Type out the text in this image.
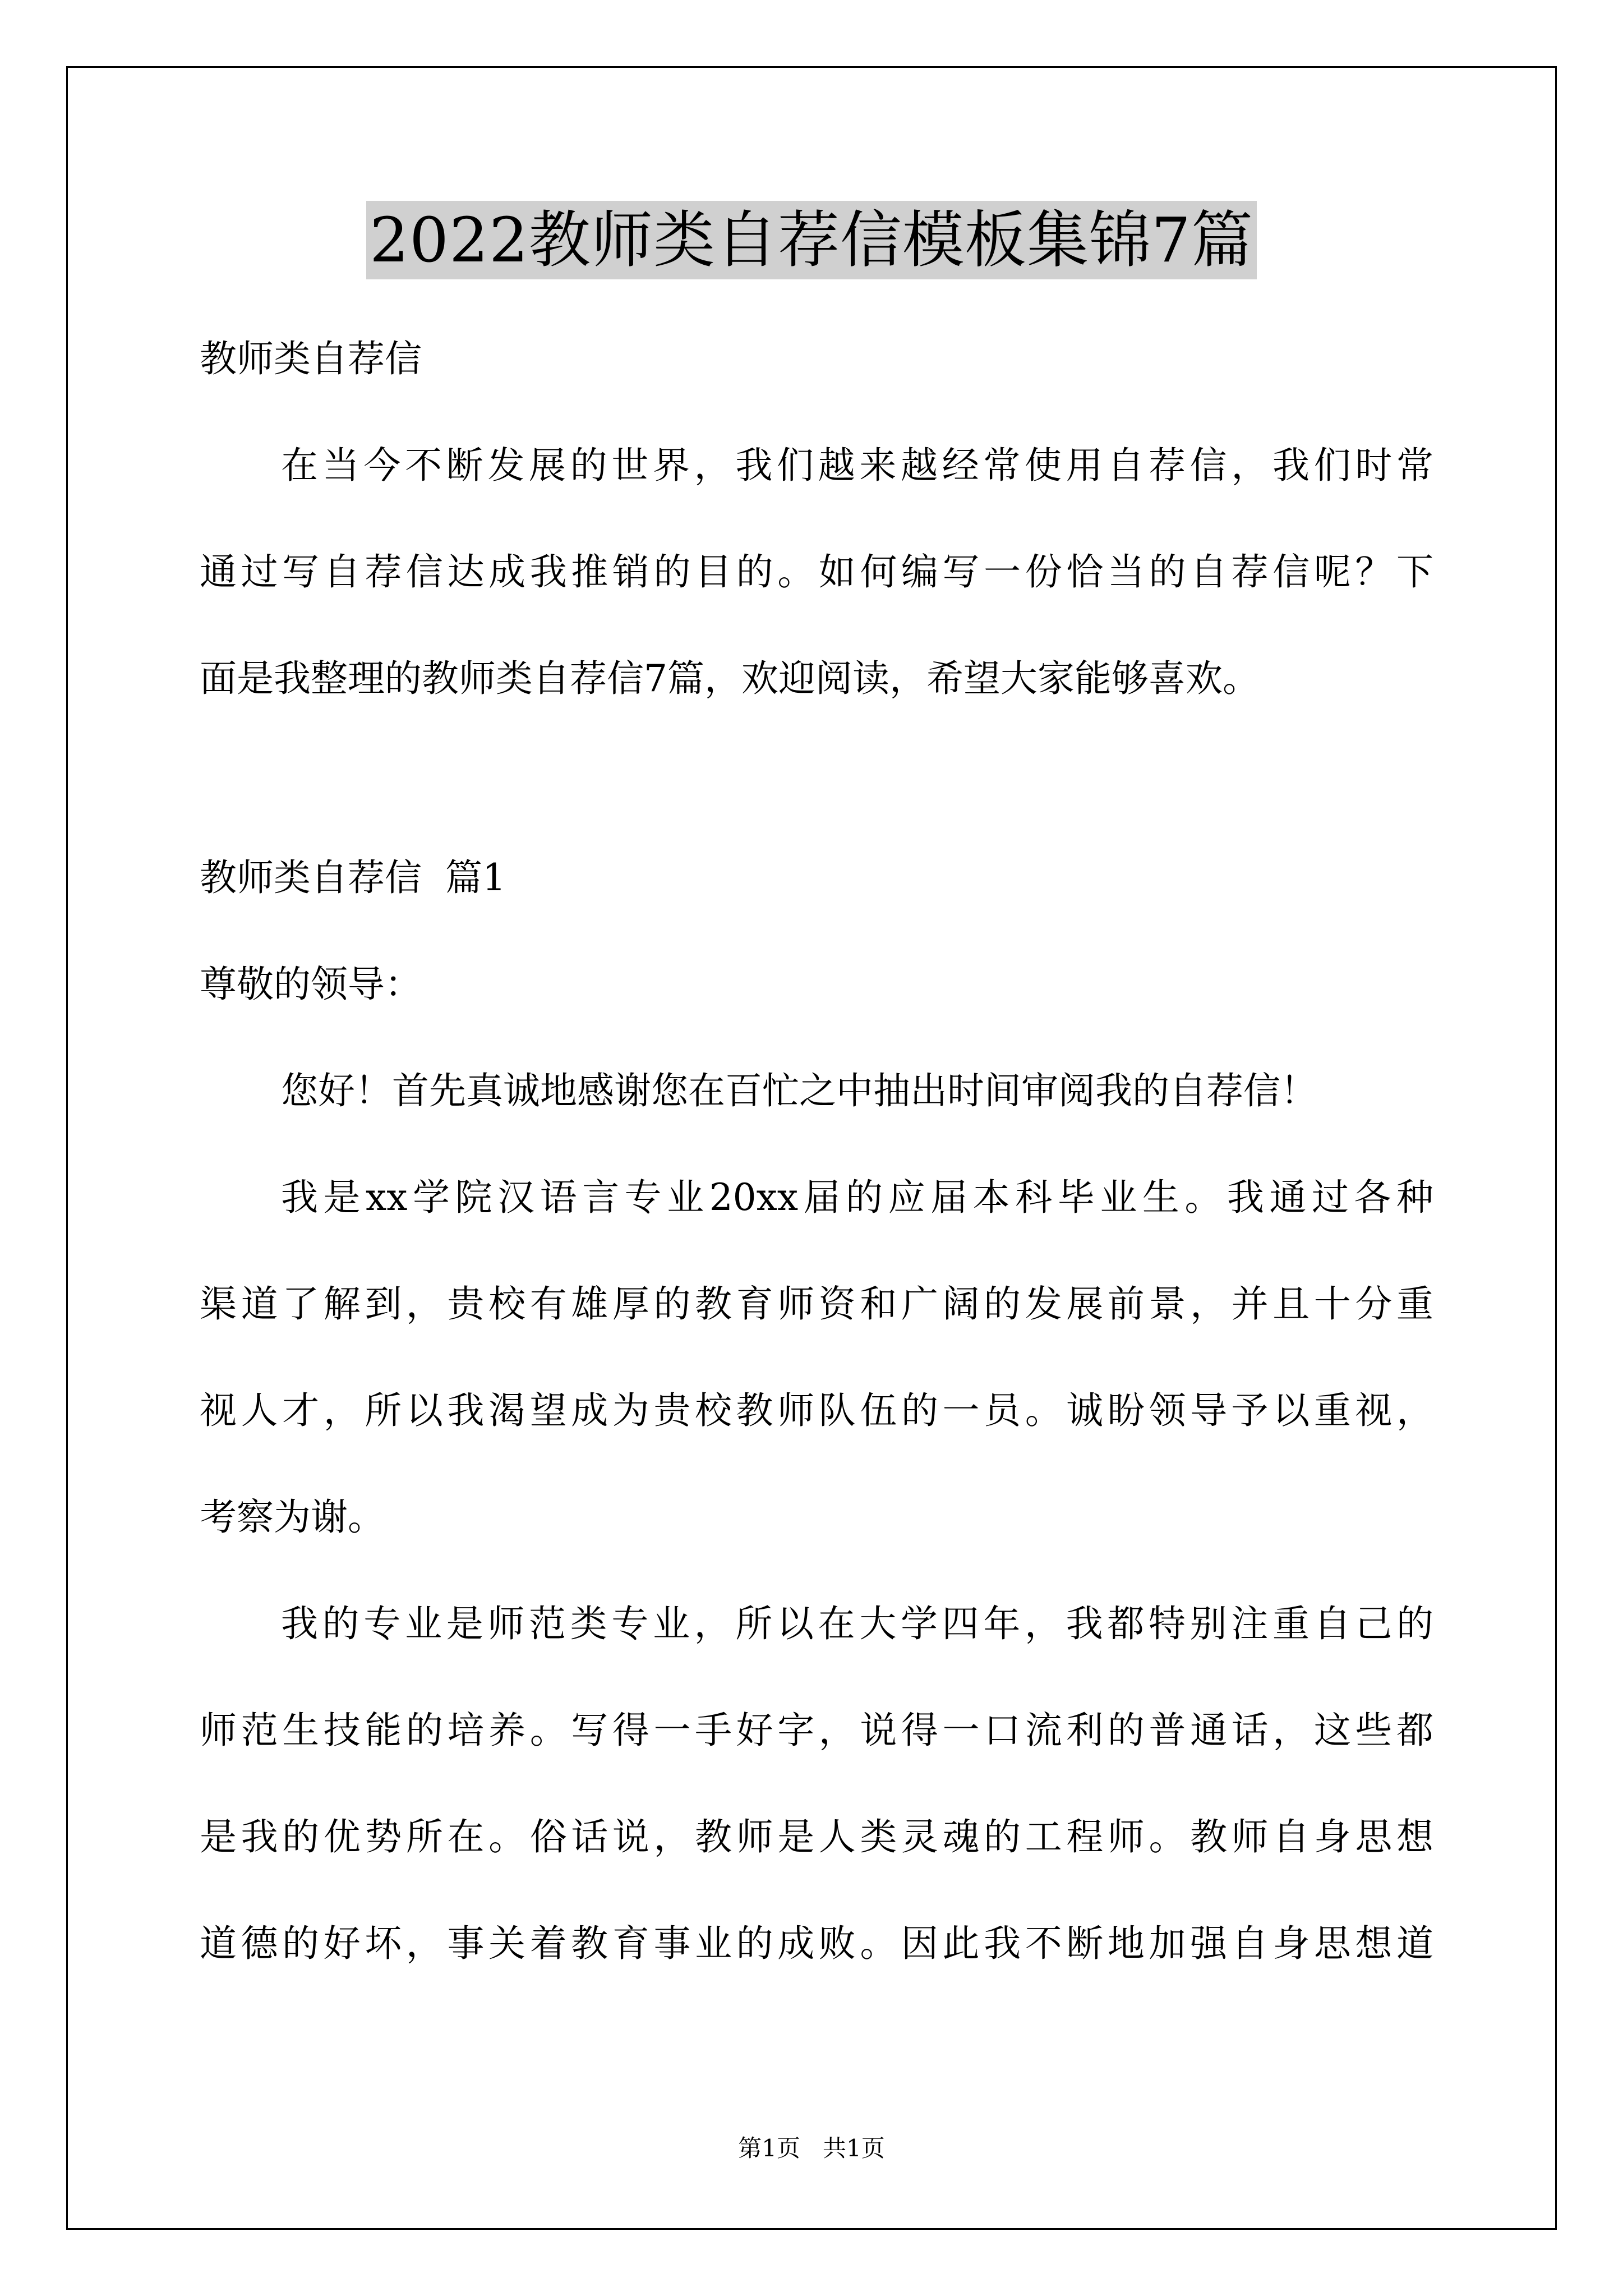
2022教师类自荐信模板集锦7篇
教师类自荐信
在当今不断发展的世界，我们越来越经常使用自荐信，我们时常
通过写自荐信达成我推销的目的。如何编写一份恰当的自荐信呢？下
面是我整理的教师类自荐信7篇，欢迎阅读，希望大家能够喜欢。
教师类自荐信  篇1
尊敬的领导：
您好！首先真诚地感谢您在百忙之中抽出时间审阅我的自荐信！
我是xx学院汉语言专业20xx届的应届本科毕业生。我通过各种
渠道了解到，贵校有雄厚的教育师资和广阔的发展前景，并且十分重
视人才，所以我渴望成为贵校教师队伍的一员。诚盼领导予以重视，
考察为谢。
我的专业是师范类专业，所以在大学四年，我都特别注重自己的
师范生技能的培养。写得一手好字，说得一口流利的普通话，这些都
是我的优势所在。俗话说，教师是人类灵魂的工程师。教师自身思想
道德的好坏，事关着教育事业的成败。因此我不断地加强自身思想道
第1页   共1页
